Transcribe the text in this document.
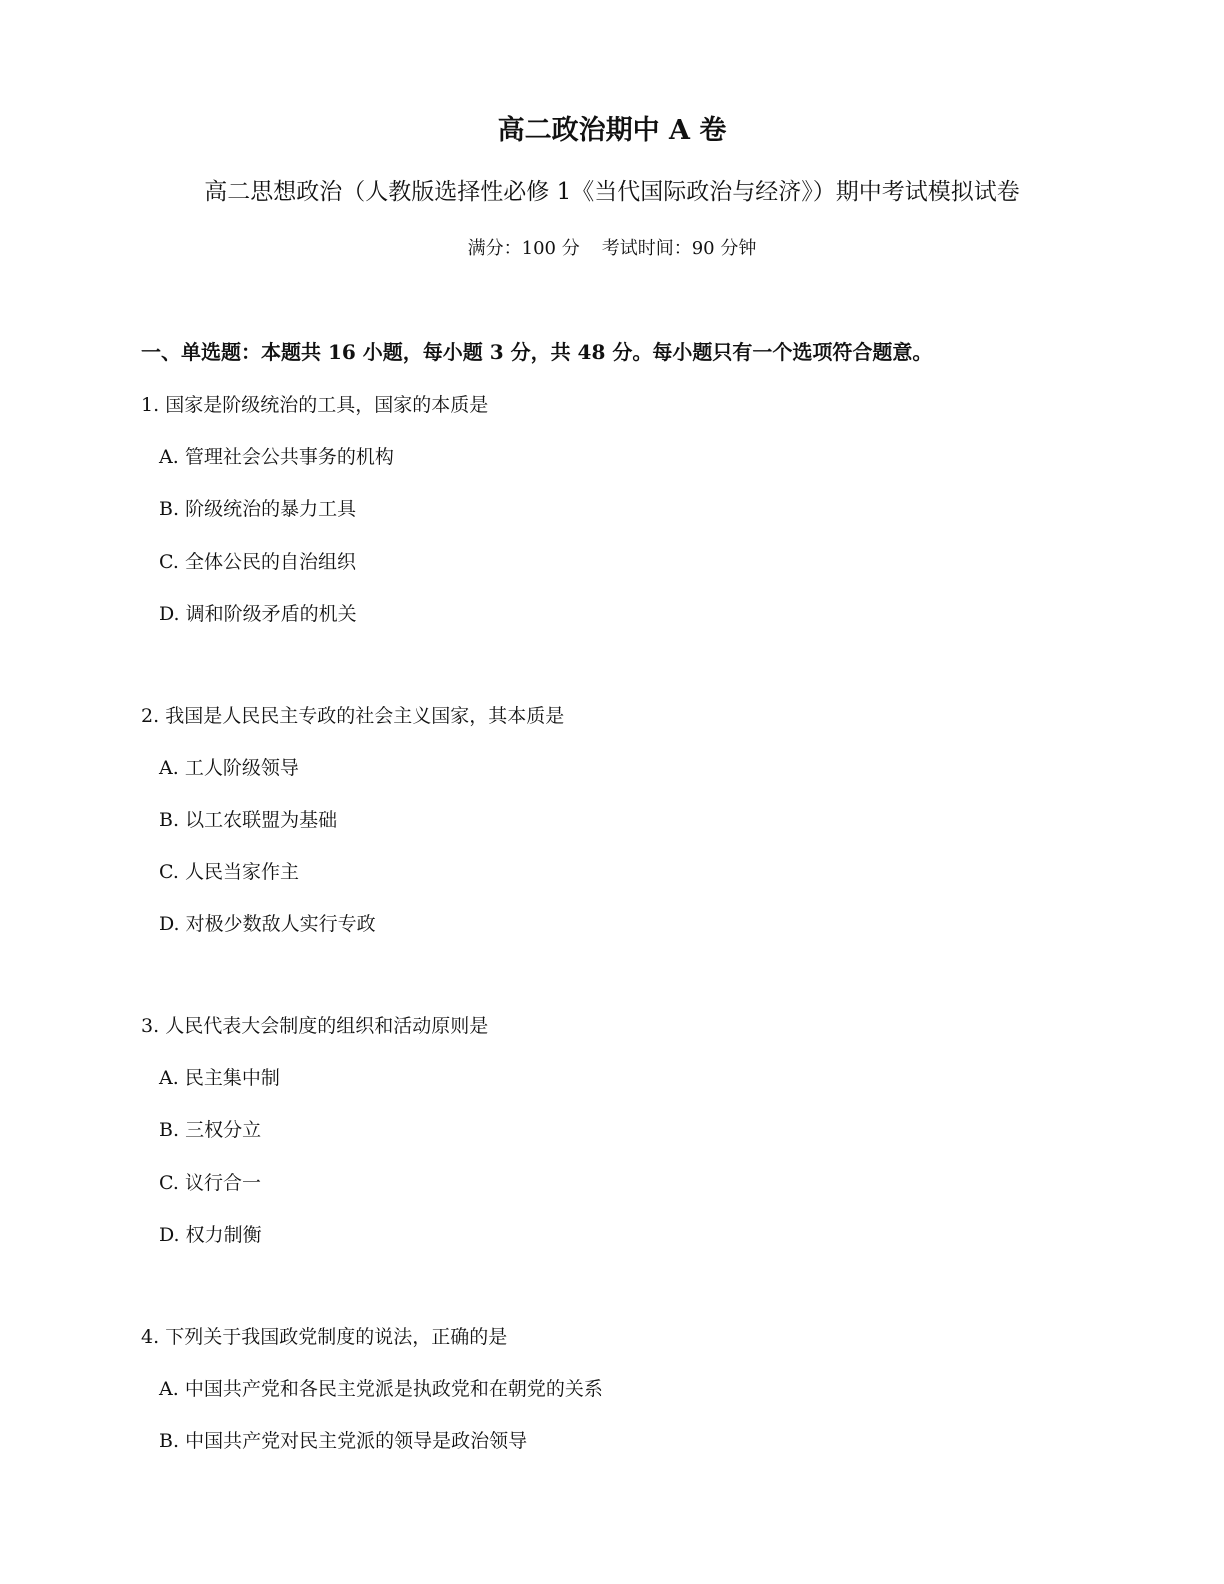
高二政治期中 A 卷
高二思想政治（人教版选择性必修 1《当代国际政治与经济》）期中考试模拟试卷
满分：100 分 考试时间：90 分钟
一、单选题：本题共 16 小题，每小题 3 分，共 48 分。每小题只有一个选项符合题意。
1. 国家是阶级统治的工具，国家的本质是
A. 管理社会公共事务的机构
B. 阶级统治的暴力工具
C. 全体公民的自治组织
D. 调和阶级矛盾的机关
2. 我国是人民民主专政的社会主义国家，其本质是
A. 工人阶级领导
B. 以工农联盟为基础
C. 人民当家作主
D. 对极少数敌人实行专政
3. 人民代表大会制度的组织和活动原则是
A. 民主集中制
B. 三权分立
C. 议行合一
D. 权力制衡
4. 下列关于我国政党制度的说法，正确的是
A. 中国共产党和各民主党派是执政党和在朝党的关系
B. 中国共产党对民主党派的领导是政治领导
